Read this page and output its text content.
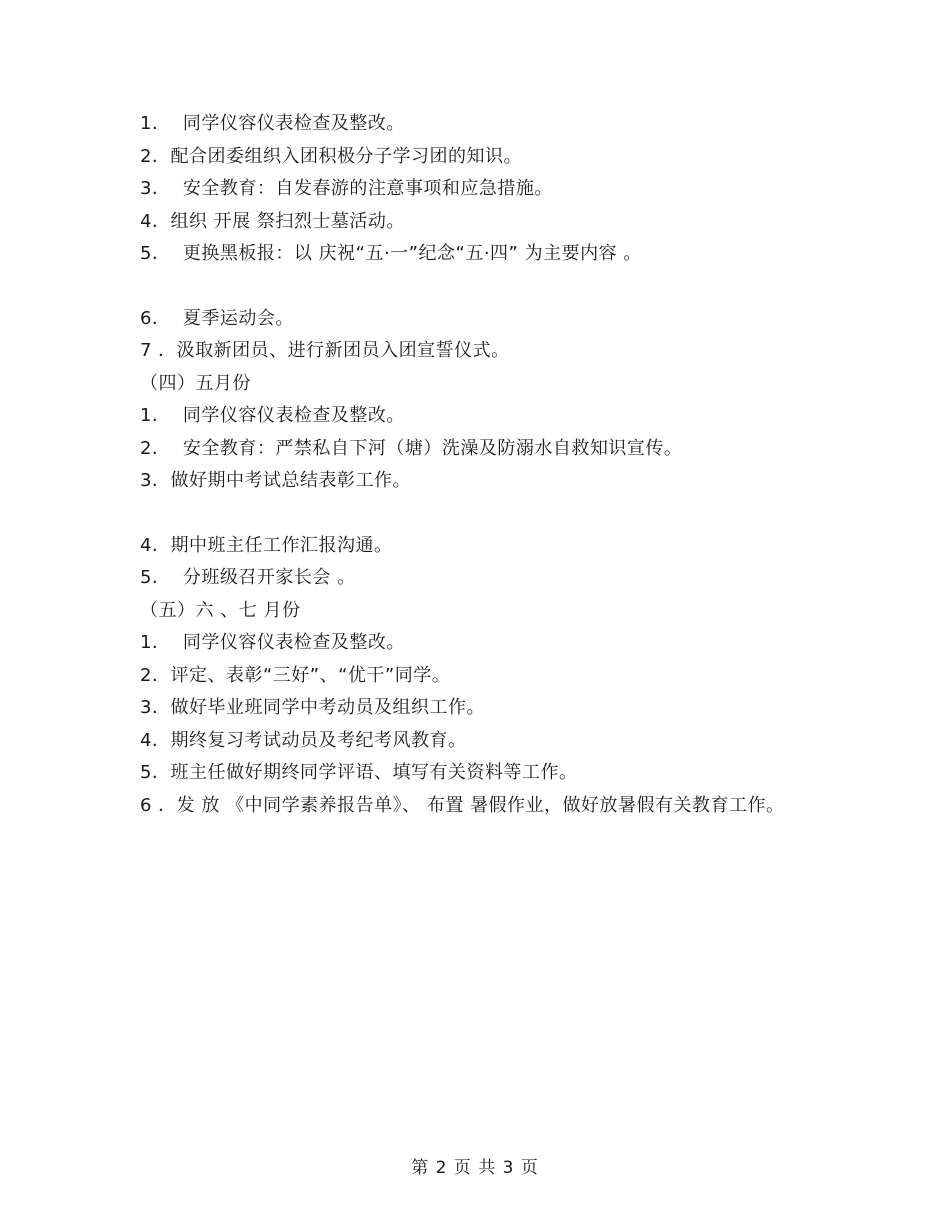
1．  同学仪容仪表检查及整改。
2．配合团委组织入团积极分子学习团的知识。
3．  安全教育：自发春游的注意事项和应急措施。
4．组织 开展 祭扫烈士墓活动。
5．  更换黑板报：以 庆祝“五·一”纪念“五·四” 为主要内容 。
6．  夏季运动会。
7 ．汲取新团员、进行新团员入团宣誓仪式。
（四）五月份
1．  同学仪容仪表检查及整改。
2．  安全教育：严禁私自下河（塘）洗澡及防溺水自救知识宣传。
3．做好期中考试总结表彰工作。
4．期中班主任工作汇报沟通。
5．  分班级召开家长会 。
（五）六 、七 月份
1．  同学仪容仪表检查及整改。
2．评定、表彰“三好”、“优干”同学。
3．做好毕业班同学中考动员及组织工作。
4．期终复习考试动员及考纪考风教育。
5．班主任做好期终同学评语、填写有关资料等工作。
6 ．发 放 《中同学素养报告单》、 布置 暑假作业，做好放暑假有关教育工作。
第 2 页 共 3 页
